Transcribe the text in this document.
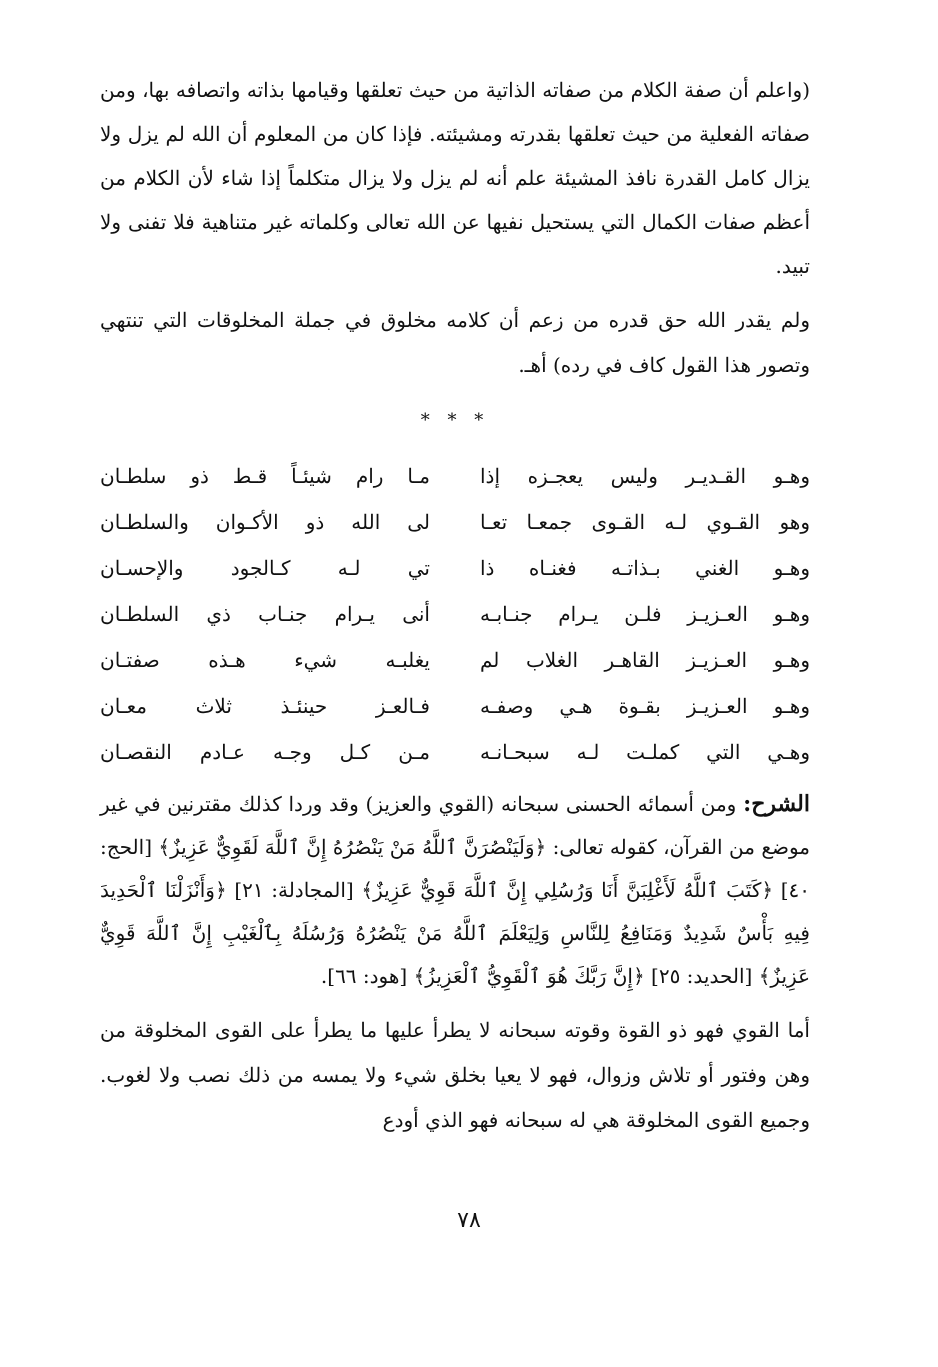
(واعلم أن صفة الكلام من صفاته الذاتية من حيث تعلقها وقيامها بذاته واتصافه بها، ومن صفاته الفعلية من حيث تعلقها بقدرته ومشيئته. فإذا كان من المعلوم أن الله لم يزل ولا يزال كامل القدرة نافذ المشيئة علم أنه لم يزل ولا يزال متكلماً إذا شاء لأن الكلام من أعظم صفات الكمال التي يستحيل نفيها عن الله تعالى وكلماته غير متناهية فلا تفنى ولا تبيد.

ولم يقدر الله حق قدره من زعم أن كلامه مخلوق في جملة المخلوقات التي تنتهي وتصور هذا القول كاف في رده) أهـ.

* * *
وهـو القـديـر وليس يعجـزه إذا
مـا رام شيئـاً قـط ذو سلطـان
وهو القـوي لـه القـوى جمعـا تعـا
لى الله ذو الأكـوان والسلطـان
وهـو الغني بـذاتـه فغنـاه ذا
تي لـه كـالجود والإحسـان
وهـو العـزيـز فلـن يـرام جنـابـه
أنى يـرام جنـاب ذي السلطـان
وهـو العـزيـز القاهـر الغلاب لم
يغلبـه شيء هـذه صفتـان
وهـو العـزيـز بقـوة هـي وصفـه
فـالعـز حينئـذ ثلاث معـان
وهـي التي كملـت لـه سبحـانـه
مـن كـل وجـه عـادم النقصـان

الشرح: ومن أسمائه الحسنى سبحانه (القوي والعزيز) وقد وردا كذلك مقترنين في غير موضع من القرآن، كقوله تعالى: ﴿وَلَيَنْصُرَنَّ ٱللَّهُ مَنْ يَنْصُرُهُ إِنَّ ٱللَّهَ لَقَوِيٌّ عَزِيزٌ﴾ [الحج: ٤٠] ﴿كَتَبَ ٱللَّهُ لَأَغْلِبَنَّ أَنَا وَرُسُلِي إِنَّ ٱللَّهَ قَوِيٌّ عَزِيزٌ﴾ [المجادلة: ٢١] ﴿وَأَنْزَلْنَا ٱلْحَدِيدَ فِيهِ بَأْسٌ شَدِيدٌ وَمَنَافِعُ لِلنَّاسِ وَلِيَعْلَمَ ٱللَّهُ مَنْ يَنْصُرُهُ وَرُسُلَهُ بِٱلْغَيْبِ إِنَّ ٱللَّهَ قَوِيٌّ عَزِيزٌ﴾ [الحديد: ٢٥] ﴿إِنَّ رَبَّكَ هُوَ ٱلْقَوِيُّ ٱلْعَزِيزُ﴾ [هود: ٦٦].

أما القوي فهو ذو القوة وقوته سبحانه لا يطرأ عليها ما يطرأ على القوى المخلوقة من وهن وفتور أو تلاش وزوال، فهو لا يعيا بخلق شيء ولا يمسه من ذلك نصب ولا لغوب. وجميع القوى المخلوقة هي له سبحانه فهو الذي أودع

٧٨
